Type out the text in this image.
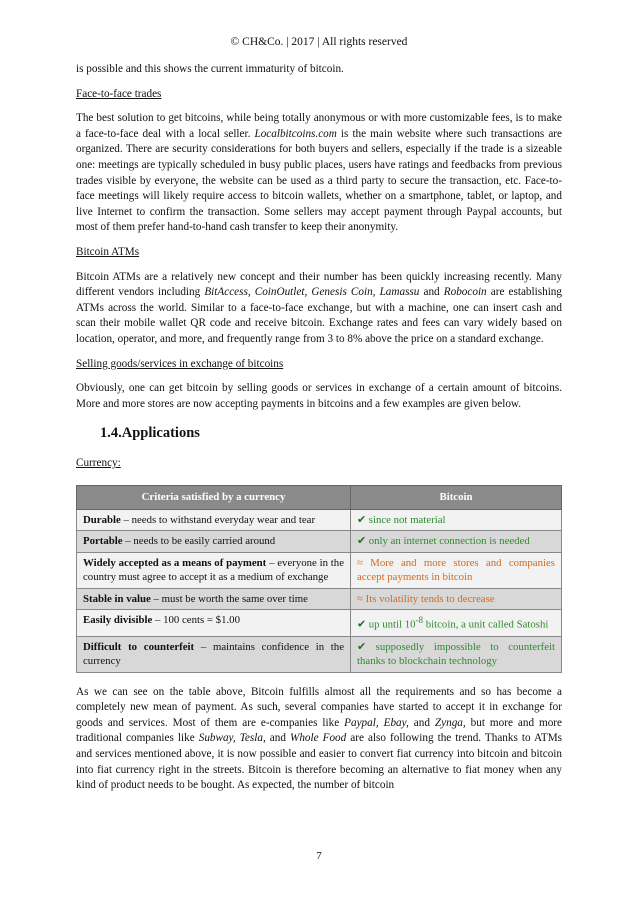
© CH&Co. | 2017 | All rights reserved

is possible and this shows the current immaturity of bitcoin.

Face-to-face trades

The best solution to get bitcoins, while being totally anonymous or with more customizable fees, is to make a face-to-face deal with a local seller. Localbitcoins.com is the main website where such transactions are organized. There are security considerations for both buyers and sellers, especially if the trade is a sizeable one: meetings are typically scheduled in busy public places, users have ratings and feedbacks from previous trades visible by everyone, the website can be used as a third party to secure the transaction, etc. Face-to-face meetings will likely require access to bitcoin wallets, whether on a smartphone, tablet, or laptop, and live Internet to confirm the transaction. Some sellers may accept payment through Paypal accounts, but most of them prefer hand-to-hand cash transfer to keep their anonymity.

Bitcoin ATMs

Bitcoin ATMs are a relatively new concept and their number has been quickly increasing recently. Many different vendors including BitAccess, CoinOutlet, Genesis Coin, Lamassu and Robocoin are establishing ATMs across the world. Similar to a face-to-face exchange, but with a machine, one can insert cash and scan their mobile wallet QR code and receive bitcoin. Exchange rates and fees can vary widely based on location, operator, and more, and frequently range from 3 to 8% above the price on a standard exchange.

Selling goods/services in exchange of bitcoins

Obviously, one can get bitcoin by selling goods or services in exchange of a certain amount of bitcoins. More and more stores are now accepting payments in bitcoins and a few examples are given below.

1.4.Applications

Currency:

Criteria satisfied by a currency	Bitcoin
Durable – needs to withstand everyday wear and tear	✔ since not material
Portable – needs to be easily carried around	✔ only an internet connection is needed
Widely accepted as a means of payment – everyone in the country must agree to accept it as a medium of exchange	≈ More and more stores and companies accept payments in bitcoin
Stable in value – must be worth the same over time	≈ Its volatility tends to decrease
Easily divisible – 100 cents = $1.00	✔ up until $10^{-8}$ bitcoin, a unit called Satoshi
Difficult to counterfeit – maintains confidence in the currency	✔ supposedly impossible to counterfeit thanks to blockchain technology

As we can see on the table above, Bitcoin fulfills almost all the requirements and so has become a completely new mean of payment. As such, several companies have started to accept it in exchange for goods and services. Most of them are e-companies like Paypal, Ebay, and Zynga, but more and more traditional companies like Subway, Tesla, and Whole Food are also following the trend. Thanks to ATMs and services mentioned above, it is now possible and easier to convert fiat currency into bitcoin and bitcoin into fiat currency right in the streets. Bitcoin is therefore becoming an alternative to fiat money when any kind of product needs to be bought. As expected, the number of bitcoin

7
